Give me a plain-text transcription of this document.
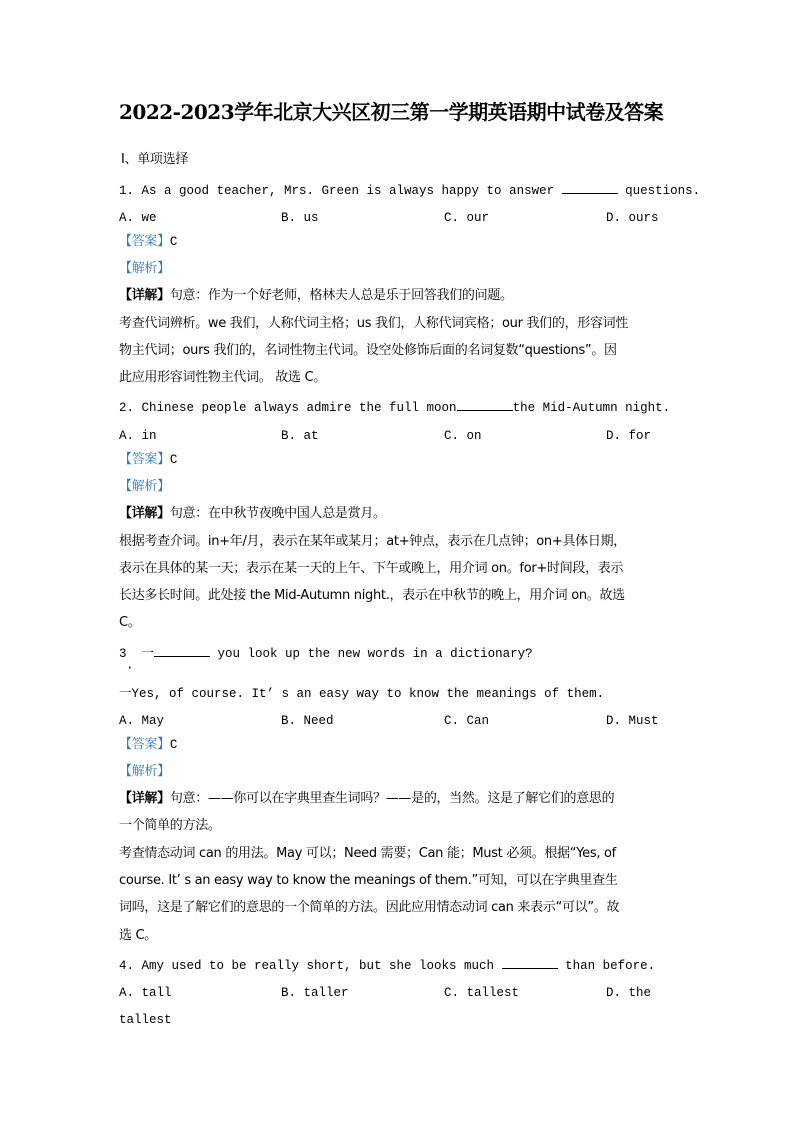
2022-2023学年北京大兴区初三第一学期英语期中试卷及答案
Ⅰ、单项选择
1. As a good teacher, Mrs. Green is always happy to answer	questions.
A. we	B. us	C. our	D. ours
【答案】C
【解析】
【详解】句意：作为一个好老师，格林夫人总是乐于回答我们的问题。
考查代词辨析。we 我们，人称代词主格；us 我们，人称代词宾格；our 我们的，形容词性
物主代词；ours 我们的，名词性物主代词。设空处修饰后面的名词复数“questions”。因
此应用形容词性物主代词。 故选 C。
2. Chinese people always admire the full moon	the Mid-Autumn night.
A. in	B. at	C. on	D. for
【答案】C
【解析】
【详解】句意：在中秋节夜晚中国人总是赏月。
根据考查介词。in+年/月，表示在某年或某月；at+钟点，表示在几点钟；on+具体日期，
表示在具体的某一天；表示在某一天的上午、下午或晚上，用介词 on。for+时间段，表示
长达多长时间。此处接 the Mid-Autumn night.，表示在中秋节的晚上，用介词 on。故选
C。
3 一	you look up the new words in a dictionary?
·
一Yes, of course. It’ s an easy way to know the meanings of them.
A. May	B. Need	C. Can	D. Must
【答案】C
【解析】
【详解】句意：——你可以在字典里查生词吗？——是的，当然。这是了解它们的意思的
一个简单的方法。
考查情态动词 can 的用法。May 可以；Need 需要；Can 能；Must 必须。根据“Yes, of
course. It’ s an easy way to know the meanings of them.”可知，可以在字典里查生
词吗，这是了解它们的意思的一个简单的方法。因此应用情态动词 can 来表示“可以”。故
选 C。
4. Amy used to be really short, but she looks much	than before.
A. tall	B. taller	C. tallest	D. the
tallest
